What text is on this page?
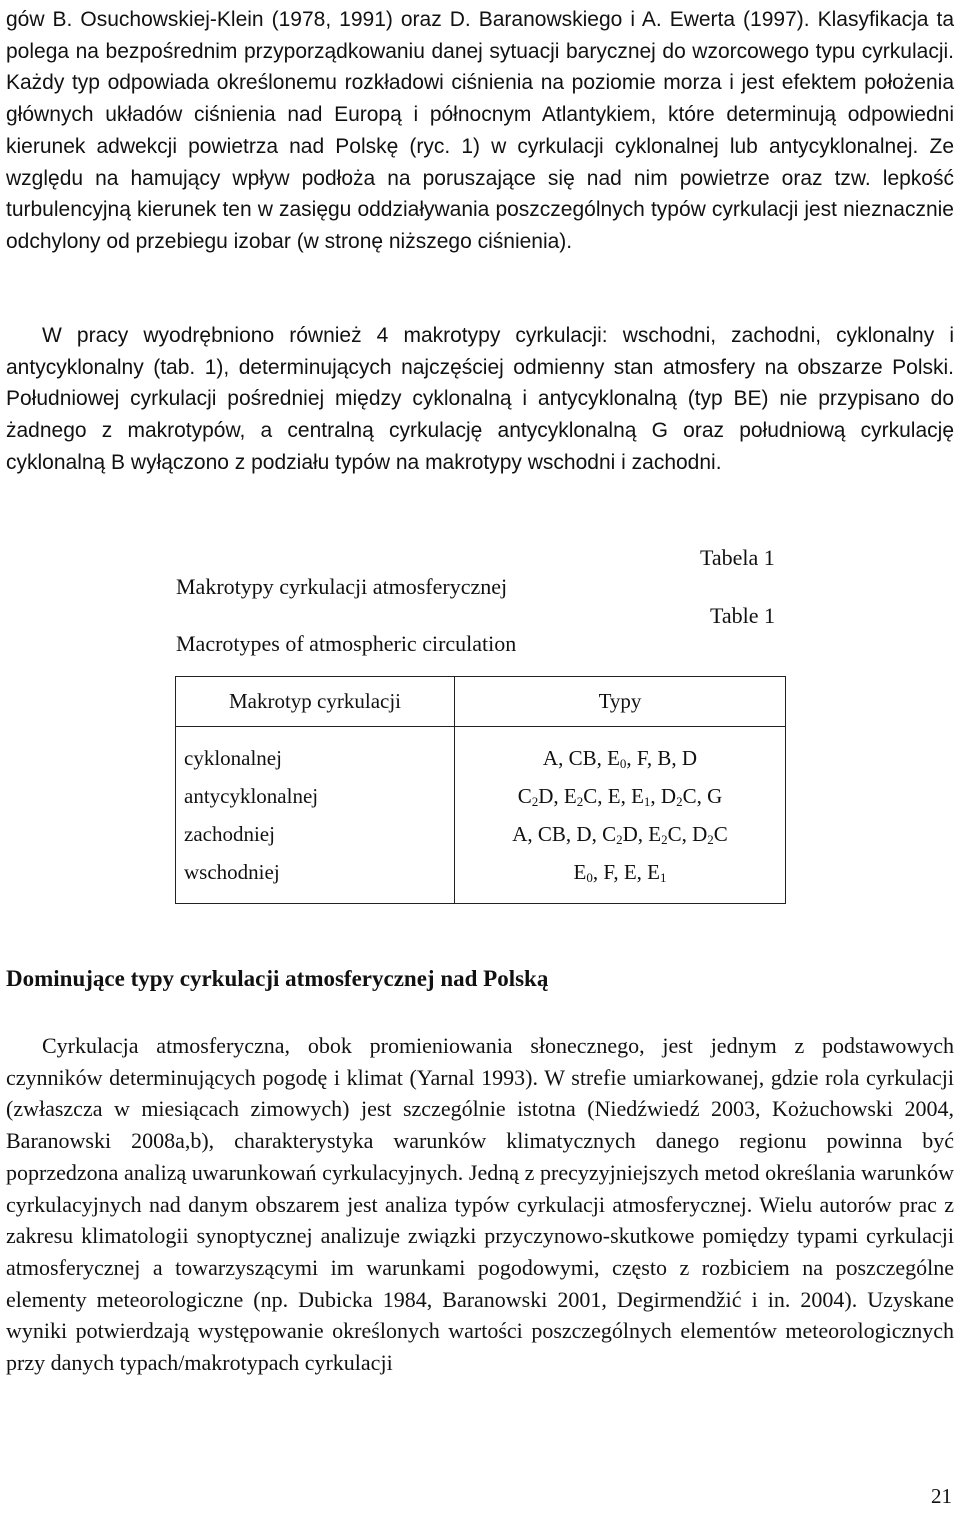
gów B. Osuchowskiej-Klein (1978, 1991) oraz D. Baranowskiego i A. Ewerta (1997). Klasyfikacja ta polega na bezpośrednim przyporządkowaniu danej sytuacji barycznej do wzorcowego typu cyrkulacji. Każdy typ odpowiada określonemu rozkładowi ciśnienia na poziomie morza i jest efektem położenia głównych układów ciśnienia nad Europą i północnym Atlantykiem, które determinują odpowiedni kierunek adwekcji powietrza nad Polskę (ryc. 1) w cyrkulacji cyklonalnej lub antycyklonalnej. Ze względu na hamujący wpływ podłoża na poruszające się nad nim powietrze oraz tzw. lepkość turbulencyjną kierunek ten w zasięgu oddziaływania poszczególnych typów cyrkulacji jest nieznacznie odchylony od przebiegu izobar (w stronę niższego ciśnienia).

W pracy wyodrębniono również 4 makrotypy cyrkulacji: wschodni, zachodni, cyklonalny i antycyklonalny (tab. 1), determinujących najczęściej odmienny stan atmosfery na obszarze Polski. Południowej cyrkulacji pośredniej między cyklonalną i antycyklonalną (typ BE) nie przypisano do żadnego z makrotypów, a centralną cyrkulację antycyklonalną G oraz południową cyrkulację cyklonalną B wyłączono z podziału typów na makrotypy wschodni i zachodni.

Tabela 1
Table 1
Makrotypy cyrkulacji atmosferycznej
Macrotypes of atmospheric circulation
Makrotyp cyrkulacji	Typy
cyklonalnej	A, CB, $E_0$, F, B, D
antycyklonalnej	$C_2D$, $E_2C$, E, $E_1$, $D_2C$, G
zachodniej	A, CB, D, $C_2D$, $E_2C$, $D_2C$
wschodniej	$E_0$, F, E, $E_1$
Dominujące typy cyrkulacji atmosferycznej nad Polską

Cyrkulacja atmosferyczna, obok promieniowania słonecznego, jest jednym z podstawowych czynników determinujących pogodę i klimat (Yarnal 1993). W strefie umiarkowanej, gdzie rola cyrkulacji (zwłaszcza w miesiącach zimowych) jest szczególnie istotna (Niedźwiedź 2003, Kożuchowski 2004, Baranowski 2008a,b), charakterystyka warunków klimatycznych danego regionu powinna być poprzedzona analizą uwarunkowań cyrkulacyjnych. Jedną z precyzyjniejszych metod określania warunków cyrkulacyjnych nad danym obszarem jest analiza typów cyrkulacji atmosferycznej. Wielu autorów prac z zakresu klimatologii synoptycznej analizuje związki przyczynowo-skutkowe pomiędzy typami cyrkulacji atmosferycznej a towarzyszącymi im warunkami pogodowymi, często z rozbiciem na poszczególne elementy meteorologiczne (np. Dubicka 1984, Baranowski 2001, Degirmendžić i in. 2004). Uzyskane wyniki potwierdzają występowanie określonych wartości poszczególnych elementów meteorologicznych przy danych typach/makrotypach cyrkulacji

21
